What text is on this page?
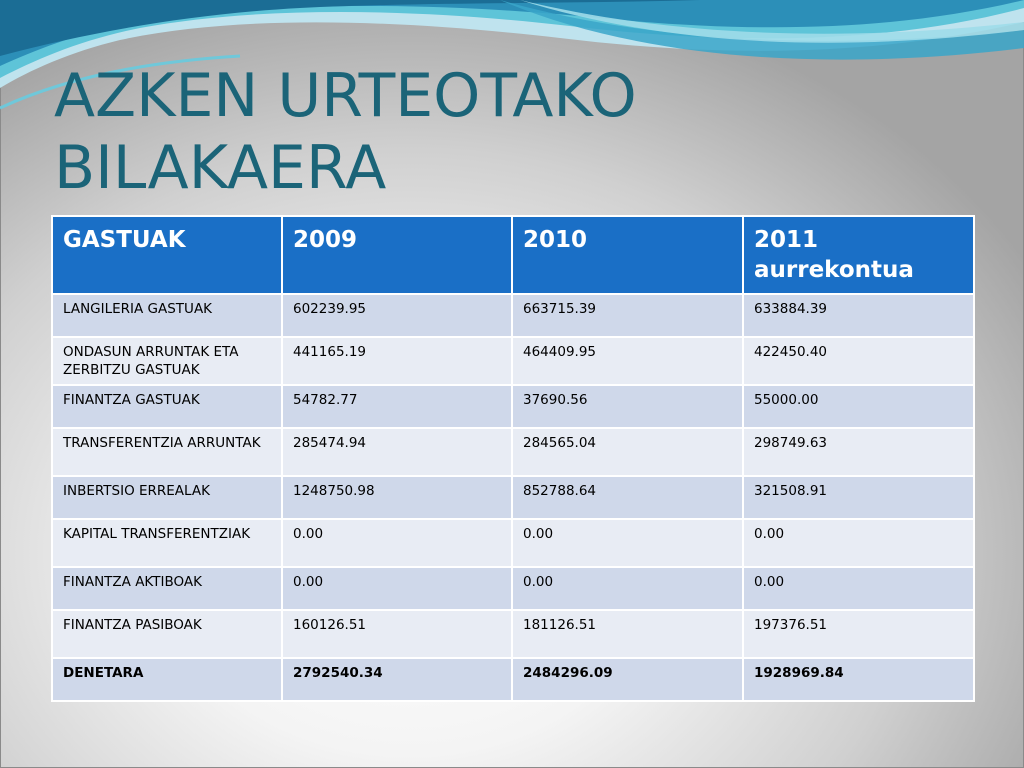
AZKEN URTEOTAKO
BILAKAERA
GASTUAK	2009	2010	2011 aurrekontua
LANGILERIA GASTUAK	602239.95	663715.39	633884.39
ONDASUN ARRUNTAK ETA ZERBITZU GASTUAK	441165.19	464409.95	422450.40
FINANTZA GASTUAK	54782.77	37690.56	55000.00
TRANSFERENTZIA ARRUNTAK	285474.94	284565.04	298749.63
INBERTSIO ERREALAK	1248750.98	852788.64	321508.91
KAPITAL TRANSFERENTZIAK	0.00	0.00	0.00
FINANTZA AKTIBOAK	0.00	0.00	0.00
FINANTZA PASIBOAK	160126.51	181126.51	197376.51
DENETARA	2792540.34	2484296.09	1928969.84
